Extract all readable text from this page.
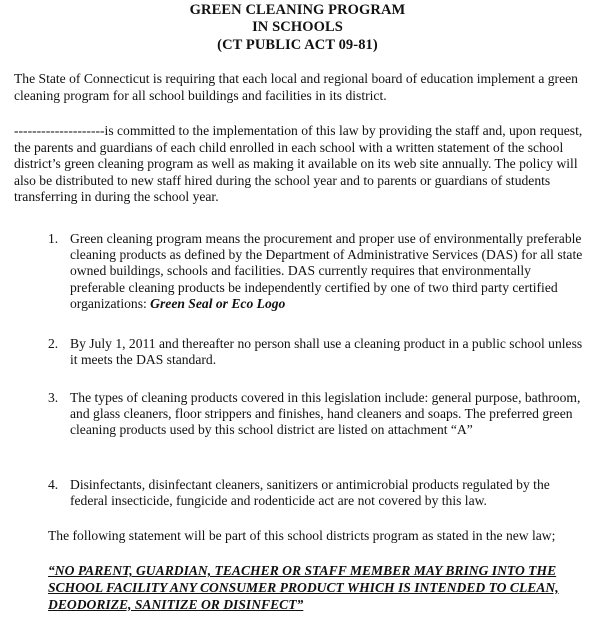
GREEN CLEANING PROGRAM
IN SCHOOLS
(CT PUBLIC ACT 09-81)
The State of Connecticut is requiring that each local and regional board of education implement a green cleaning program for all school buildings and facilities in its district.
--------------------is committed to the implementation of this law by providing the staff and, upon request, the parents and guardians of each child enrolled in each school with a written statement of the school district’s green cleaning program as well as making it available on its web site annually. The policy will also be distributed to new staff hired during the school year and to parents or guardians of students transferring in during the school year.
1. Green cleaning program means the procurement and proper use of environmentally preferable cleaning products as defined by the Department of Administrative Services (DAS) for all state owned buildings, schools and facilities. DAS currently requires that environmentally preferable cleaning products be independently certified by one of two third party certified organizations: Green Seal or Eco Logo
2. By July 1, 2011 and thereafter no person shall use a cleaning product in a public school unless it meets the DAS standard.
3. The types of cleaning products covered in this legislation include: general purpose, bathroom, and glass cleaners, floor strippers and finishes, hand cleaners and soaps. The preferred green cleaning products used by this school district are listed on attachment “A”
4. Disinfectants, disinfectant cleaners, sanitizers or antimicrobial products regulated by the federal insecticide, fungicide and rodenticide act are not covered by this law.
The following statement will be part of this school districts program as stated in the new law;
“NO PARENT, GUARDIAN, TEACHER OR STAFF MEMBER MAY BRING INTO THE SCHOOL FACILITY ANY CONSUMER PRODUCT WHICH IS INTENDED TO CLEAN, DEODORIZE, SANITIZE OR DISINFECT”
